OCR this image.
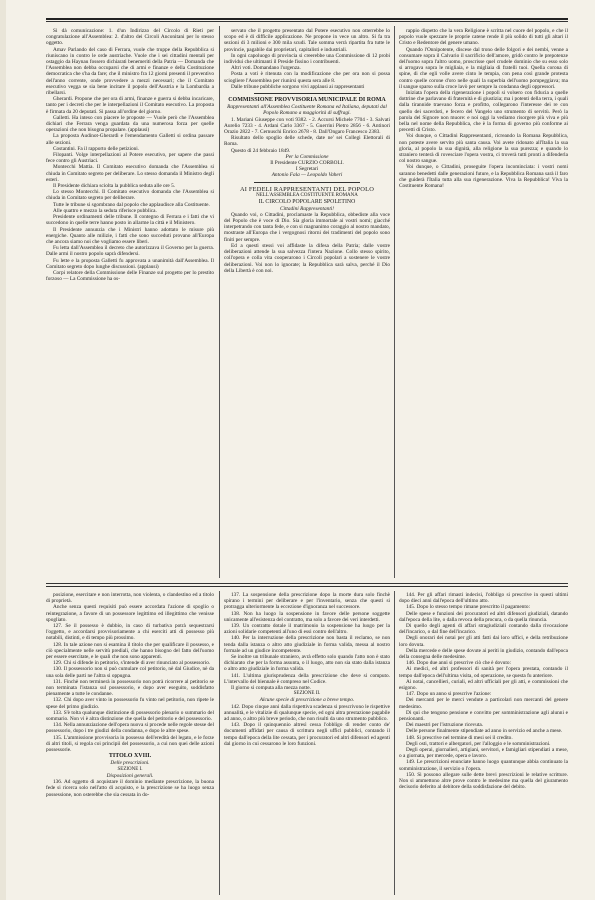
Si dà comunicazione: 1. d'un Indirizzo del Circolo di Rieti per congratulazione all'Assemblea: 2. d'altro dei Circoli Anconitani per lo stesso oggetto.

Amav Parlando del caso di Ferrara, vuole che truppe della Repubblica si riuniscano in contro le orde austriache. Vuole che i sei cittadini mentali per ostaggio da Haynau fossero dichiarati benemeriti della Patria — Domanda che l'Assemblea non debba occuparsi che di armi e finanze e della Costituzione democratica che s'ha da fare; che il ministro fra 12 giorni presenti il preventivo dell'anno corrente, onde provvedere a mezzi necessari; che il Comitato esecutivo vegga se sia bene incitare il popolo dell'Austria e la Lombardia a ribellarsi.

Gherardi. Propone che per ora di armi, finanze e guerra si debba incaricare, tanto per i decreti che per le interpellazioni il Comitato esecutivo. La proposta è firmata da 20 deputati. Si passa all'ordine del giorno.

Galletti. Ha inteso con piacere le proposte — Vuole però che l'Assemblea dichiari che Ferrara venga guardata da una numerosa forza per quelle operazioni che non bisogna propalare. (applausi)

La proposta Audinot-Gherardi e l'emendamento Galletti si ordina passare alle sezioni.

Costantini. Fa il rapporto delle petizioni.

Filopanti. Volge interpellazioni al Potere esecutivo, per sapere che passi fece contro gli Austriaci.

Montecchi Mattia. Il Comitato esecutivo domanda che l'Assemblea si chiuda in Comitato segreto per deliberare. Lo stesso domanda il Ministro degli esteri.

Il Presidente dichiara sciolta la pubblica seduta alle ore 5.

Lo stesso Montecchi. Il Comitato esecutivo domanda che l'Assemblea si chiuda in Comitato segreto per deliberare.

Tutte le tribune si sgombrano dal popolo che applaudisce alla Costituente.

Alle quattro e mezzo la seduta riferisce pubblica.

Presidente ordinamenti delle tribune. Il contegno di Ferrara e i fatti che vi succedono in quelle terre hanno posto in allarme la città e il Ministero.

Il Presidente annunzia che i Ministri hanno adottato le misure più energiche. Quanto alle milizie, i fatti che sono succeduti provano all'Europa che ancora siamo noi che vogliamo essere liberi.

Fu letta dall'Assemblea il decreto che autorizzava il Governo per la guerra. Dalle armi il nostro popolo saprà difendersi.

Fu lette e la proposta Galletti fu approvata a unanimità dall'Assemblea. Il Comitato segreto dopo lunghe discussioni. (applausi)

Corpi relatore della Commissione delle Finanze sul progetto per lo prestito forzoso — La Commissione ha os-

servato che il progetto presentato dal Potere esecutivo non otterrebbe lo scopo ed è di difficile applicazione. Ne propone in vece un altro. Si fa tra sezioni di 3 milioni e 300 mila scudi. Tale somma verrà ripartita fra tutte le provincie, pagabile dai proprietari, capitalisti e industriali.

In ogni capoluogo di provincia si creerebbe una Commissione di 12 probi individui che ultimanti il Preside fissino i contribuenti.

Altri voti. Domandano l'urgenza.

Posta a voti è ritenuta con la modificazione che per ora non si possa sciogliere l'Assemblea per riunirsi questa sera alle 8.

Dalle tribune pubbliche sorgono vivi applausi ai rappresentanti

COMMISSIONE PROVVISORIA MUNICIPALE DI ROMA

Rappresentanti all'Assemblea Costituente Romana ed Italiana, deputati dal Popolo Romano a maggiorità di suffragi.

1. Mariani Giuseppe con voti 9382. - 2. Accursi Michele 7704 - 3. Salvati Aurelio 7233 - 4. Ardani Carlo 3367 - 5. Guerrini Pietro 2856 - 6. Antinori Orazio 2822 - 7. Cernuschi Enrico 2678 - 8. Dall'Ongaro Francesco 2383.

Risultato dello spoglio delle schede, date ne' sei Collegi Elettorali di Roma.

Questo dì 24 febbraio 1849.

Per la Commissione

Il Presidente CURZIO CORBOLI.

I Segretari

Antonio Fala — Leopoldo Vaheri

AI FEDELI RAPPRESENTANTI DEL POPOLO

NELL'ASSEMBLEA COSTITUENTE ROMANA

IL CIRCOLO POPOLARE SPOLETINO

Cittadini Rappresentanti!

Quando voi, o Cittadini, proclamaste la Repubblica, obbediste alla voce del Popolo che è voce di Dio. Sia gloria immortale ai vostri nomi; giacché interpetrando con tanta fede, e con si magnanimo coraggio al nostro mandato, mostraste all'Europa che i vergognosi ritorni dei tradimenti del popolo sono finiti per sempre.

Ed a questi stessi voi affidaste la difesa della Patria; dalle vostre deliberazioni attende la sua salvezza l'intera Nazione. Collo stesso spirito, coll'opera e colla vita cooperarono i Circoli popolari a sostenere le vostre deliberazioni. Voi non lo ignorate; la Repubblica sarà salva, perché il Dio della Libertà è con noi.

rappio dispetto che la vera Religione è scritta nel cuore del popolo, e che il popolo vuole spezzare le proprie catene rende il più solido di tutti gli altari il Cristo e Redentore del genere umano.

Quando l'Onnipotente, discese dal trono delle folgori e dei nembi, venne a consumare sopra il Calvario il sacrificio dell'amore, gridò contro le prepotenze dell'uomo sopra l'altro uomo, proscrisse quel crudele dominio che su esso solo si arrogava sopra le migliaia, e la migliaia di fratelli tuoi. Quella corona di spine, di che egli volle avere cinto le tempia, con pena così grande protesta contro quelle corone d'oro nelle quali la superbia dell'uomo pompeggiava; ma il sangue sparso sulla croce lavò per sempre la condanna degli oppressori.

Iniziata l'opera della rigenerazione i popoli si volsero con fiducia a quelle dottrine che parlavano di fraternità e di giustizia; ma i potenti della terra, i quali dalla tirannide traevano forza e profitto, collegarono l'interesse dei re con quello dei sacerdoti, e fecero del Vangelo uno strumento di servitù. Però la parola del Signore non muore: e noi oggi la vediamo risorgere più viva e più bella nel nome della Repubblica, che è la forma di governo più conforme ai precetti di Cristo.

Voi dunque, o Cittadini Rappresentanti, ricreando la Romana Repubblica, non poteste avere servito più santa causa. Voi avete ridonato all'Italia la sua gloria, al popolo la sua dignità, alla religione la sua purezza; e quando lo straniero tenterà di rovesciare l'opera vostra, ci troverà tutti pronti a difenderla col nostro sangue.

Voi dunque, o Cittadini, proseguite l'opera incominciata: i vostri nomi saranno benedetti dalle generazioni future, e la Repubblica Romana sarà il faro che guiderà l'Italia tutta alla sua rigenerazione. Viva la Repubblica! Viva la Costituente Romana!

posizione, esercitare e non interrotta, non violenta, o clandestino ed a titolo di proprietà.

Anche senza questi requisiti può essere accordata l'azione di spoglio o reintegrazione, a favore di un possessore legittimo ed illegittimo che venisse spogliato.

127. Se il possesso è dubbio, in caso di turbativa potrà sequestrarsi l'oggetto, e accordarsi provvisoriamente a chi eserciti atti di possesso più notabili, distinti, e di tempo più prossimo.

128. In tale azione non si esamina il titolo che per qualificare il possesso, e ciò specialmente nelle servitù prediali, che hanno bisogno del fatto dell'uomo per essere esercitate, e le quali che non sono apparenti.

129. Chi si difende in petitorio, s'intende di aver rinunciato al possessorio.

130. Il possessorio non si può cumulare col petitorio, nè dal Giudice, nè da una sola delle parti ne l'altra si oppugna.

131. Finchè non terminerà in possessorio non potrà ricorrere al petitorio se non terminata l'istanza sul possessorio, e dopo aver eseguito, soddisfatto pienamente a tutte le condanne.

132. Chi dopo aver vinto in possessorio fu vinto nel petitorio, non ripete le spese del primo giudizio.

133. S'è tolta qualunque distinzione di possessorio plenario o summario del sommario. Non vi è altra distinzione che quella del petitorio e del possessorio.

134. Nella annunziazione dell'opera nuova si procede nelle regole stesse del possessorio, dopo i tre giudizi della condanna, e dopo le altre spese.

135. L'ammissione provvisoria in possesso dell'eredità del legato, e le forze di altri titoli, si regola coi principii del possessorio, a cui non quei delle azioni possessorie.

TITOLO XVIII.

Delle prescrizioni.

SEZIONE I.

Disposizioni generali.

136. Ad oggetto di acquistare il dominio mediante prescrizione, la buona fede si ricerca solo nell'atto di acquisto, e la prescrizione se ha luogo senza possessione, non osterebbe che sia cessata in do-

137. La sospensione della prescrizione dopo la morte dura solo finchè spirano i termini per deliberare e per l'inventario, senza che questi si protragga ulteriormente la eccezione d'ignoranza nel successore.

138. Non ha luogo la sospensione in favore delle persone soggette unicamente all'esistenza del contratto, ma solo a favore dei veri interdetti.

139. Un contratto dotale il matrimonio la sospensione ha luogo per la azioni solidarie competenti all'uno di essi contro dell'altro.

140. Per la interruzione della prescrizione non basta il reclamo, se non tenda dalla istanza o altro atto giudiziale in forma valida, messa al nostro formale ad un giudice incompetente.

Se inoltre un tribunale straniero, avrà effetto solo quando l'atto non è stato dichiarato che per la forma assunta, o il luogo, atto non sia stato dalla istanza o altro atto giudiziale in forma valida.

141. L'ultima giurisprudenza della prescrizione che deve si computo. L'intervallo del biennale è compreso nel Codice.

Il giorno si computa alla mezza notte.

SEZIONE II.

Alcune specie di prescrizione a breve tempo.

142. Dopo cinque anni dalla rispettiva scadenza si prescrivono le rispettive annualità, e le vitalizie di qualunque specie, ed ogni altra prestazione pagabile ad anno, o altro più breve periodo, che non risulti da uno strumento pubblico.

143. Dopo il quinquennio altresì cessa l'obbligo di render conto de' documenti affidati per causa di scrittura negli uffici pubblici, contando il tempo dall'epoca della lite cessata, per i procuratori ed altri difensori ed agenti dal giorno in cui cessarono le loro funzioni.

144. Per gli affari rimasti indecisi, l'obbligo si prescrive in questi ultimi dopo dieci anni dall'epoca dell'ultimo atto.

145. Dopo lo stesso tempo rimane prescritto il pagamento:

Delle spese e funzioni dei procuratori ed altri difensori giudiziali, datando dall'epoca della lite, o dalla revoca della procura, o da quella rinuncia.

Di quello degli agenti di affari stragiudiziali contando dalla rivocazione dell'incarico, o dal fine dell'incarico.

Degli onorari dei notai per gli atti fatti dai loro uffici, e della retribuzione loro dovuta.

Della mercede e delle spese dovute ai periti in giudizio, contando dall'epoca della consegna delle medesime.

146. Dopo due anni si prescrive ciò che è dovuto:

Ai medici, ed altri professori di sanità per l'opera prestata, contando il tempo dall'epoca dell'ultima visita, od operazione, se questa fu anteriore.

Ai notai, cancellieri, curiali, ed altri ufficiali per gli atti, e commissioni che esigono.

147. Dopo un anno si prescrive l'azione:

Dei mercanti per le merci vendute a particolari non mercanti del genere medesimo.

Di qui che tengono pensione e convitto per somministrazione agli alunni e pensionanti.

Dei maestri per l'istruzione ricevuta.

Delle persone finalmente stipendiate ad anno in servizio ed anche a mese.

148. Si prescrive nel termine di mesi sei il credito.

Degli osti, trattori e albergatori, per l'alloggio e le somministrazioni.

Degli operai, giornalieri, artigiani, servitori, e famigliari stipendiati a mese, o a giornata, per mercede, opera e lavoro.

149. Le prescrizioni enunciate hanno luogo quantunque abbia continuato la somministrazione, il servizio o l'opera.

150. Si possono allegare sulle dette brevi prescrizioni le relative scritture. Non si ammettono altre prove contro le medesime ma quella del giuramento decisorio deferito al debitore della soddisfazione del debito.
